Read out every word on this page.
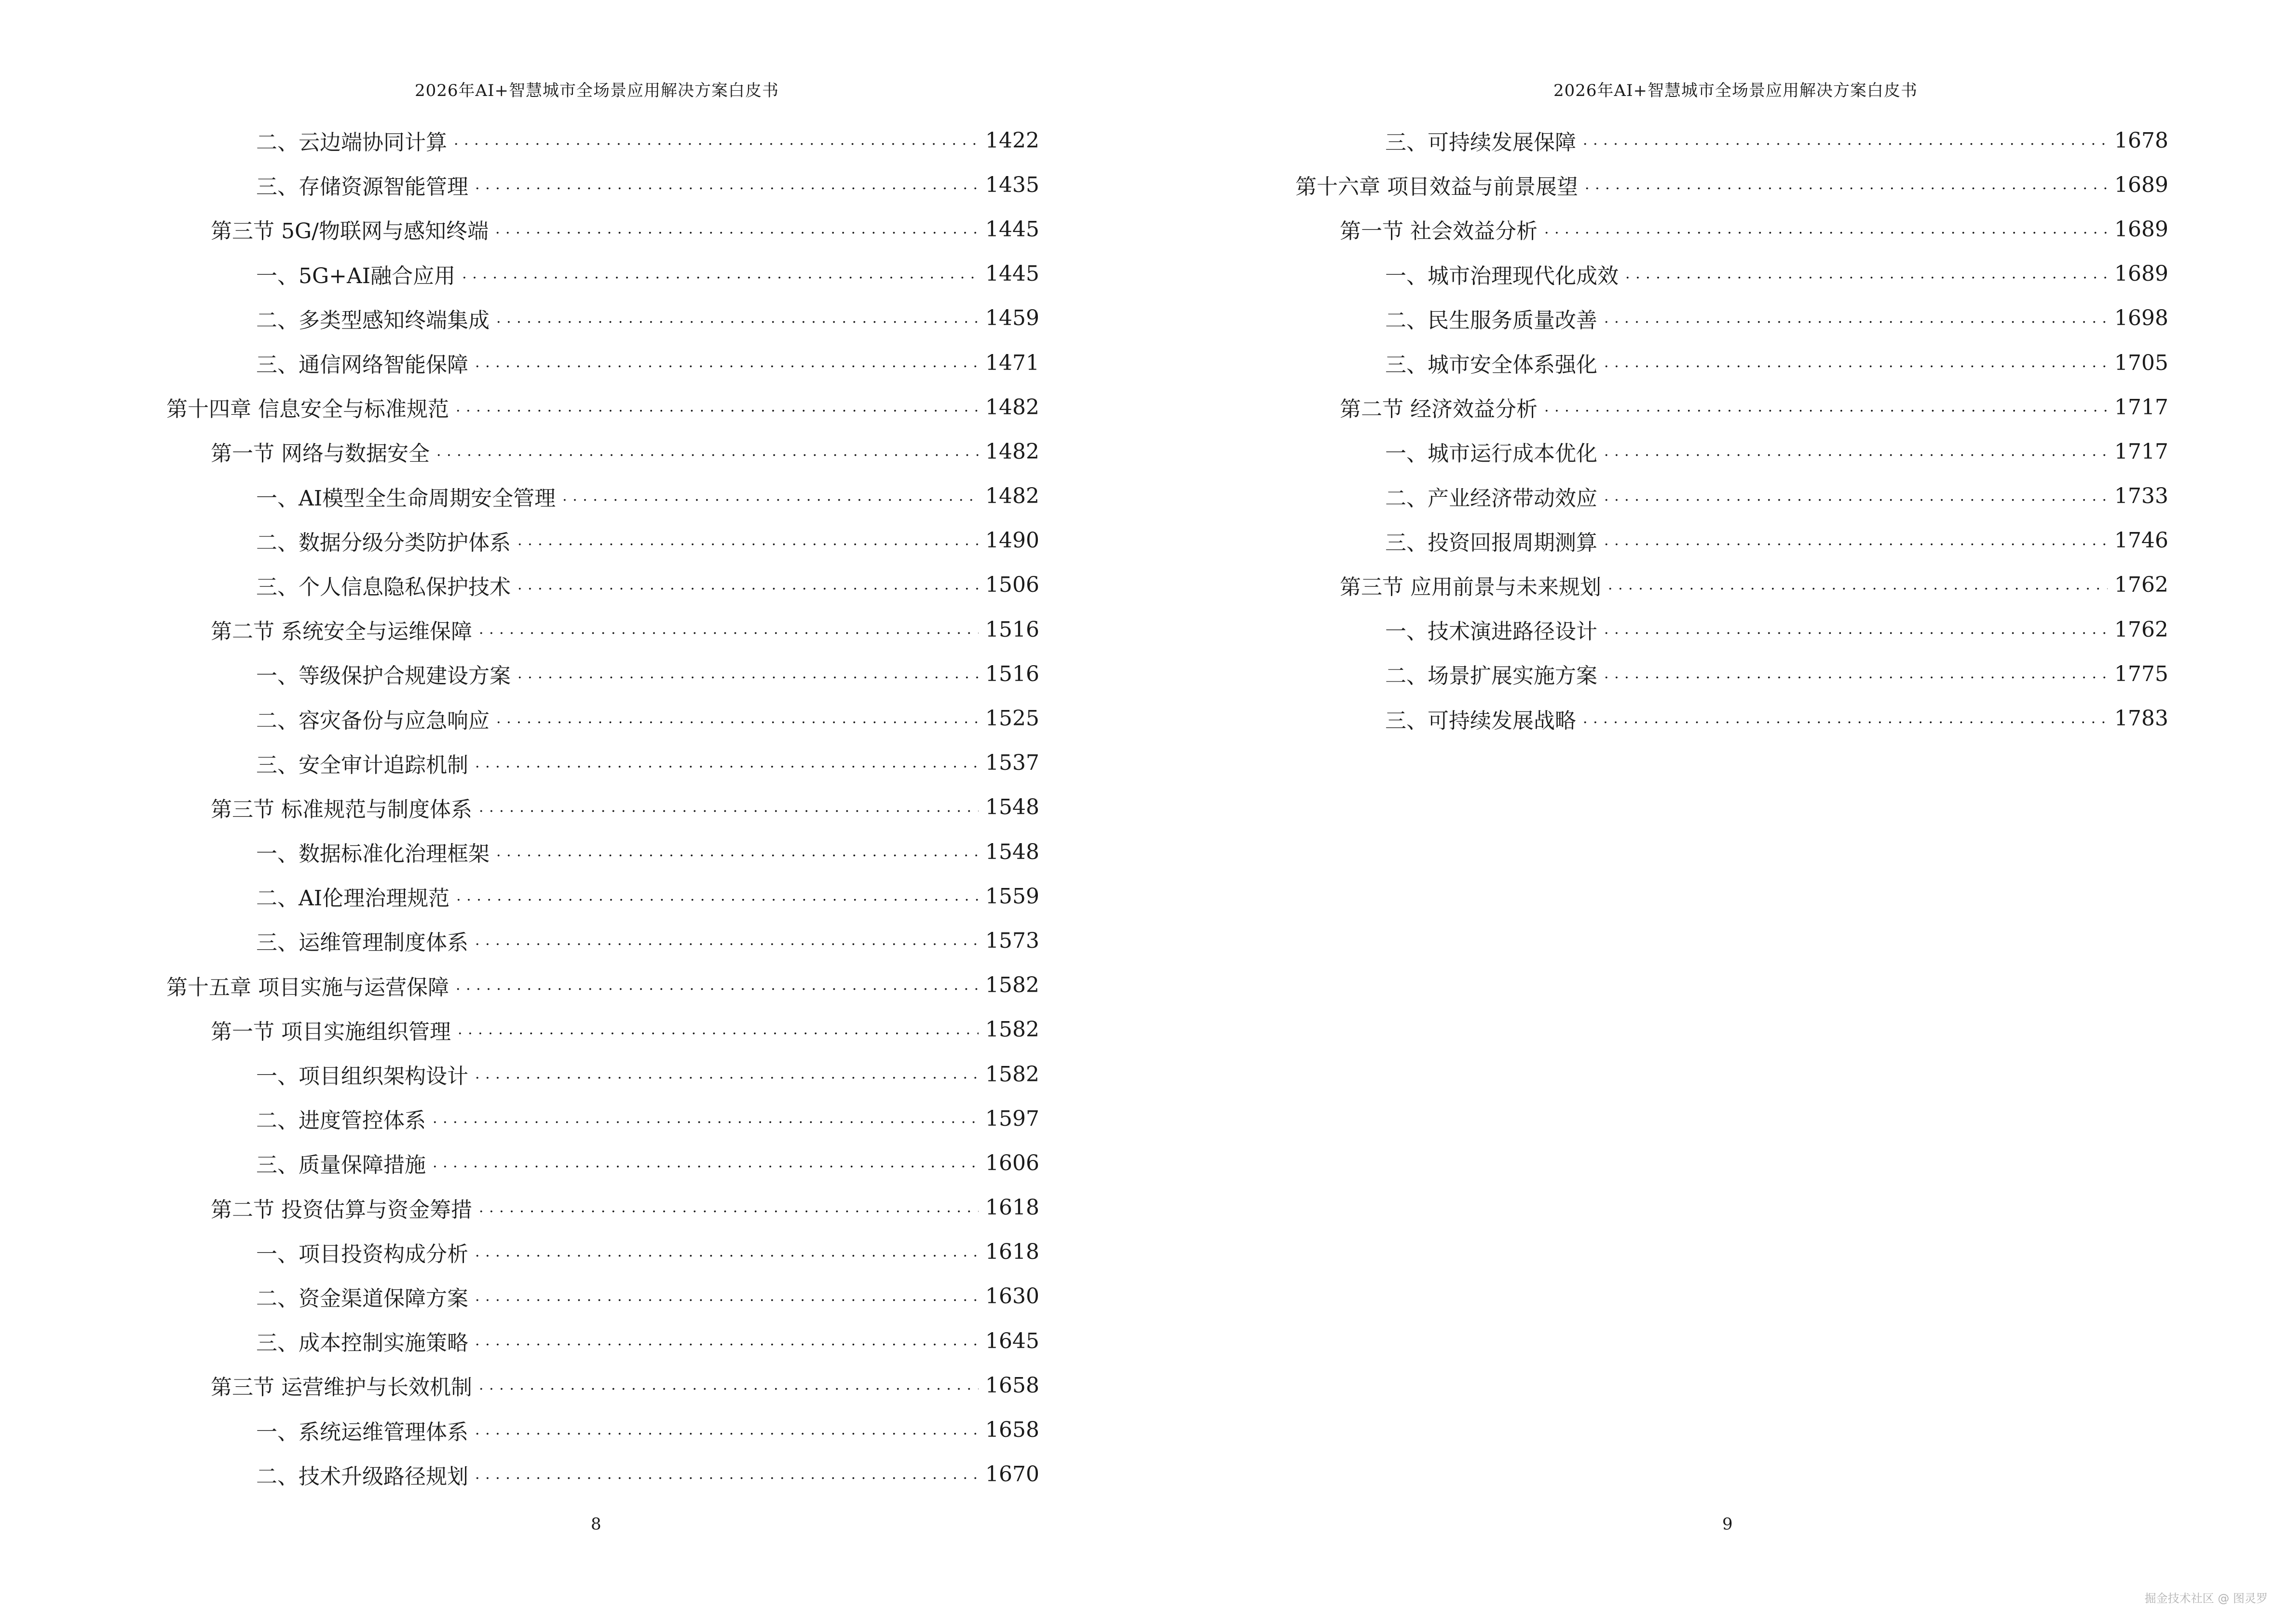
2026年AI+智慧城市全场景应用解决方案白皮书
二、云边端协同计算 . . .	1422
三、存储资源智能管理 . . .	1435
第三节 5G/物联网与感知终端 . . .	1445
一、5G+AI融合应用 . . .	1445
二、多类型感知终端集成 . . .	1459
三、通信网络智能保障 . . .	1471
第十四章 信息安全与标准规范 . . .	1482
第一节 网络与数据安全 . . .	1482
一、AI模型全生命周期安全管理 . . .	1482
二、数据分级分类防护体系 . . .	1490
三、个人信息隐私保护技术 . . .	1506
第二节 系统安全与运维保障 . . .	1516
一、等级保护合规建设方案 . . .	1516
二、容灾备份与应急响应 . . .	1525
三、安全审计追踪机制 . . .	1537
第三节 标准规范与制度体系 . . .	1548
一、数据标准化治理框架 . . .	1548
二、AI伦理治理规范 . . .	1559
三、运维管理制度体系 . . .	1573
第十五章 项目实施与运营保障 . . .	1582
第一节 项目实施组织管理 . . .	1582
一、项目组织架构设计 . . .	1582
二、进度管控体系 . . .	1597
三、质量保障措施 . . .	1606
第二节 投资估算与资金筹措 . . .	1618
一、项目投资构成分析 . . .	1618
二、资金渠道保障方案 . . .	1630
三、成本控制实施策略 . . .	1645
第三节 运营维护与长效机制 . . .	1658
一、系统运维管理体系 . . .	1658
二、技术升级路径规划 . . .	1670
8
2026年AI+智慧城市全场景应用解决方案白皮书
三、可持续发展保障 . . .	1678
第十六章 项目效益与前景展望 . . .	1689
第一节 社会效益分析 . . .	1689
一、城市治理现代化成效 . . .	1689
二、民生服务质量改善 . . .	1698
三、城市安全体系强化 . . .	1705
第二节 经济效益分析 . . .	1717
一、城市运行成本优化 . . .	1717
二、产业经济带动效应 . . .	1733
三、投资回报周期测算 . . .	1746
第三节 应用前景与未来规划 . . .	1762
一、技术演进路径设计 . . .	1762
二、场景扩展实施方案 . . .	1775
三、可持续发展战略 . . .	1783
9
掘金技术社区 @ 图灵罗
